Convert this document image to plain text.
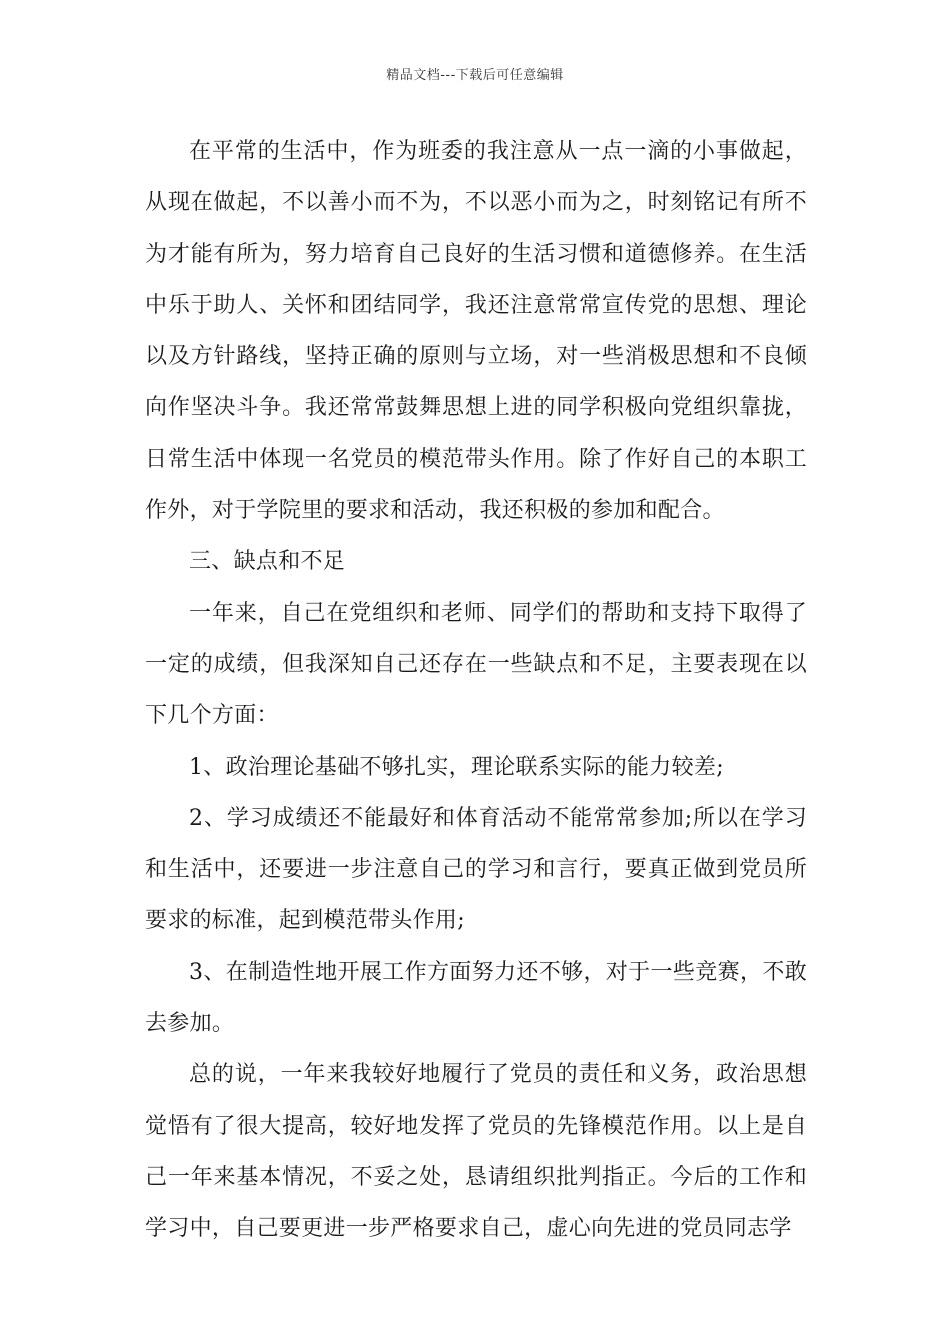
精品文档---下载后可任意编辑

在平常的生活中，作为班委的我注意从一点一滴的小事做起，从现在做起，不以善小而不为，不以恶小而为之，时刻铭记有所不为才能有所为，努力培育自己良好的生活习惯和道德修养。在生活中乐于助人、关怀和团结同学，我还注意常常宣传党的思想、理论以及方针路线，坚持正确的原则与立场，对一些消极思想和不良倾向作坚决斗争。我还常常鼓舞思想上进的同学积极向党组织靠拢，日常生活中体现一名党员的模范带头作用。除了作好自己的本职工作外，对于学院里的要求和活动，我还积极的参加和配合。

三、缺点和不足

一年来，自己在党组织和老师、同学们的帮助和支持下取得了一定的成绩，但我深知自己还存在一些缺点和不足，主要表现在以下几个方面：

1、政治理论基础不够扎实，理论联系实际的能力较差;

2、学习成绩还不能最好和体育活动不能常常参加;所以在学习和生活中，还要进一步注意自己的学习和言行，要真正做到党员所要求的标准，起到模范带头作用;

3、在制造性地开展工作方面努力还不够，对于一些竞赛，不敢去参加。

总的说，一年来我较好地履行了党员的责任和义务，政治思想觉悟有了很大提高，较好地发挥了党员的先锋模范作用。以上是自己一年来基本情况，不妥之处，恳请组织批判指正。今后的工作和学习中，自己要更进一步严格要求自己，虚心向先进的党员同志学
